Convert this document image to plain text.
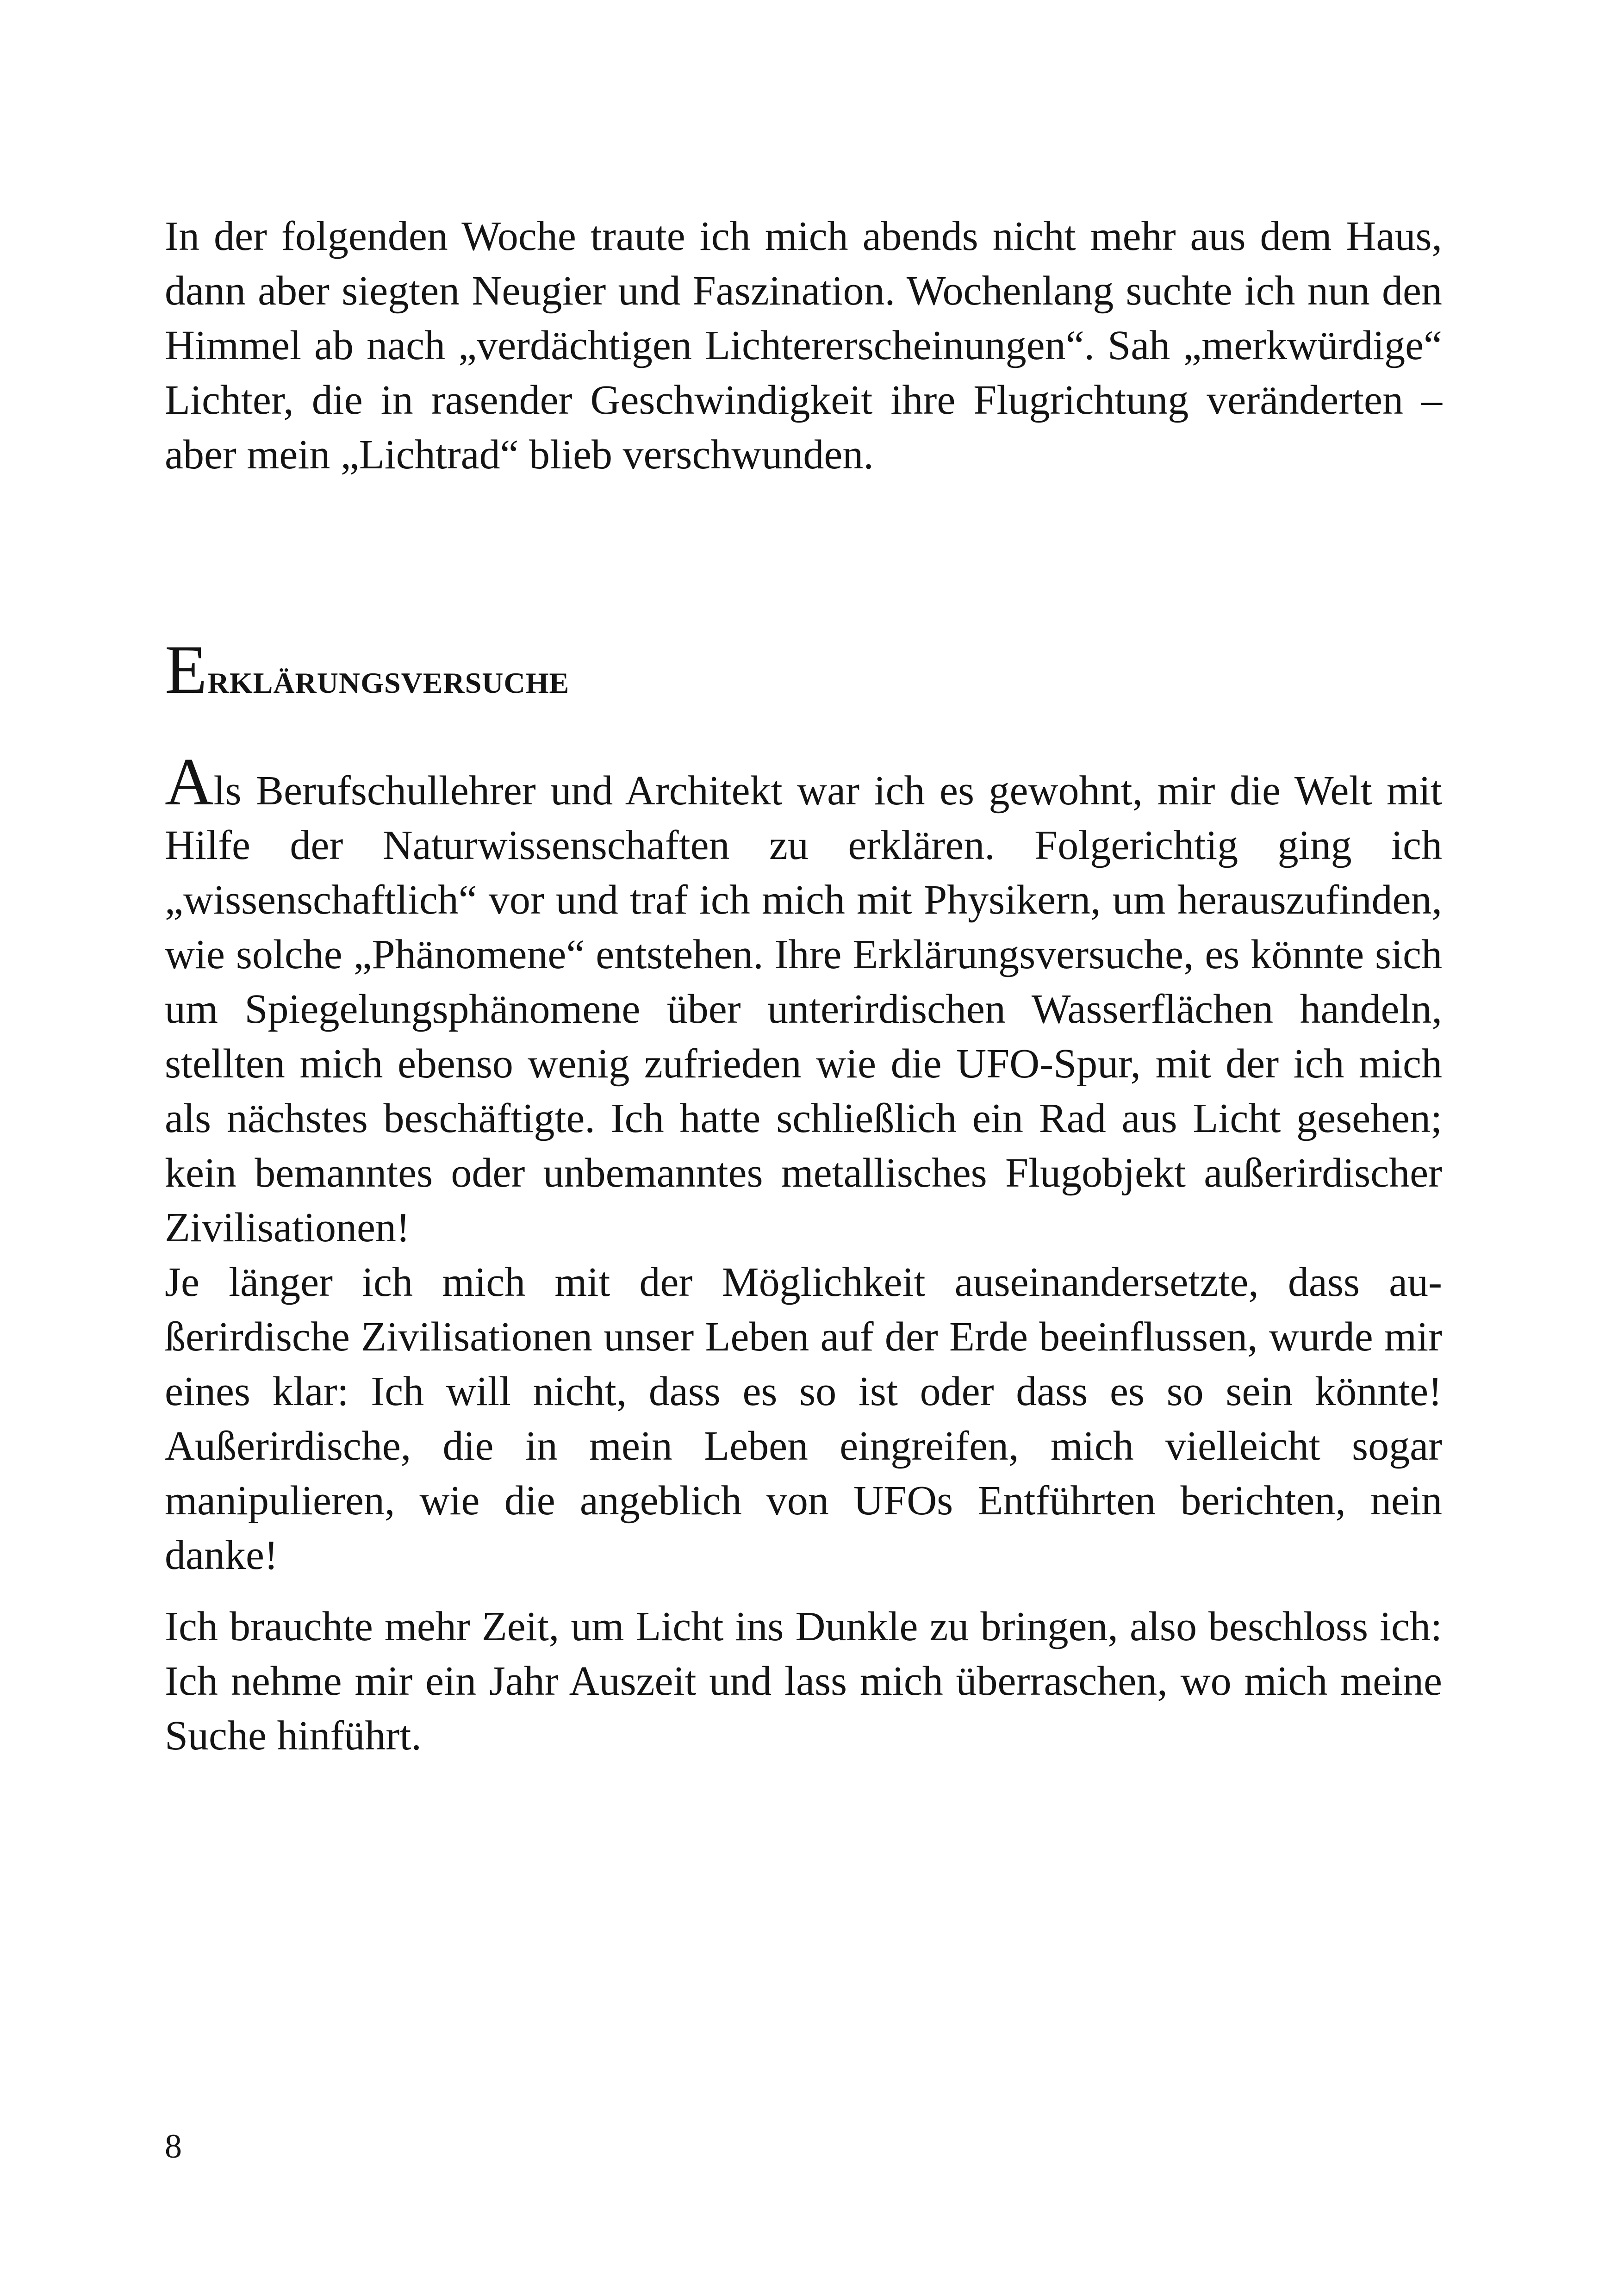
In der folgenden Woche traute ich mich abends nicht mehr aus dem Haus, dann aber siegten Neugier und Faszination. Wochenlang suchte ich nun den Himmel ab nach „verdächtigen Lichtererscheinungen“. Sah „merkwürdige“ Lichter, die in rasender Geschwindigkeit ihre Flugrichtung veränderten – aber mein „Lichtrad“ blieb verschwunden.

Erklärungsversuche

Als Berufschullehrer und Architekt war ich es gewohnt, mir die Welt mit Hilfe der Naturwissenschaften zu erklären. Folgerichtig ging ich „wissenschaftlich“ vor und traf ich mich mit Physikern, um herauszufinden, wie solche „Phänomene“ entstehen. Ihre Erklärungsversuche, es könnte sich um Spiegelungsphänomene über unterirdischen Wasserflächen handeln, stellten mich ebenso wenig zufrieden wie die UFO-Spur, mit der ich mich als nächstes beschäftigte. Ich hatte schließlich ein Rad aus Licht gesehen; kein bemanntes oder unbemanntes metallisches Flugobjekt außerirdischer Zivilisationen!

Je länger ich mich mit der Möglichkeit auseinandersetzte, dass außerirdische Zivilisationen unser Leben auf der Erde beeinflussen, wurde mir eines klar: Ich will nicht, dass es so ist oder dass es so sein könnte! Außerirdische, die in mein Leben eingreifen, mich vielleicht sogar manipulieren, wie die angeblich von UFOs Entführten berichten, nein danke!

Ich brauchte mehr Zeit, um Licht ins Dunkle zu bringen, also beschloss ich: Ich nehme mir ein Jahr Auszeit und lass mich überraschen, wo mich meine Suche hinführt.

8
